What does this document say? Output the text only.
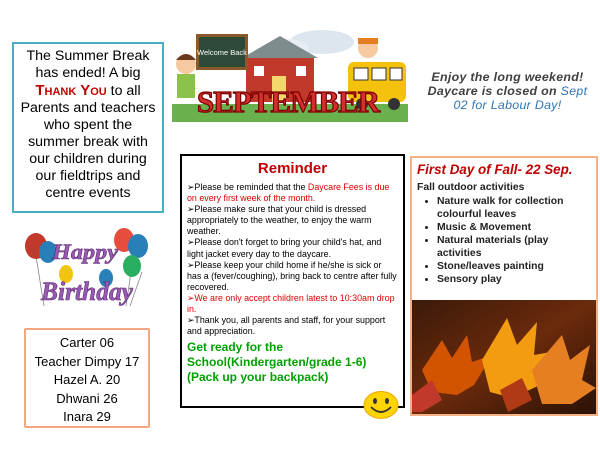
The Summer Break has ended! A big Thank You to all Parents and teachers who spent the summer break with our children during our fieldtrips and centre events
Welcome Back
SEPTEMBER
Enjoy the long weekend! Daycare is closed on Sept 02 for Labour Day!
Happy
Birthday
Carter 06
Teacher Dimpy 17
Hazel A. 20
Dhwani 26
Inara 29
Reminder

➢Please be reminded that the Daycare Fees is due on every first week of the month.

➢Please make sure that your child is dressed appropriately to the weather, to enjoy the warm weather.

➢Please don't forget to bring your child's hat, and light jacket every day to the daycare.

➢Please keep your child home if he/she is sick or has a (fever/coughing), bring back to centre after fully recovered.

➢We are only accept children latest to 10:30am drop in.

➢Thank you, all parents and staff, for your support and appreciation.

Get ready for the School(Kindergarten/grade 1-6) (Pack up your backpack)
First Day of Fall- 22 Sep.
Fall outdoor activities
• Nature walk for collection colourful leaves
• Music & Movement
• Natural materials (play activities
• Stone/leaves painting
• Sensory play
